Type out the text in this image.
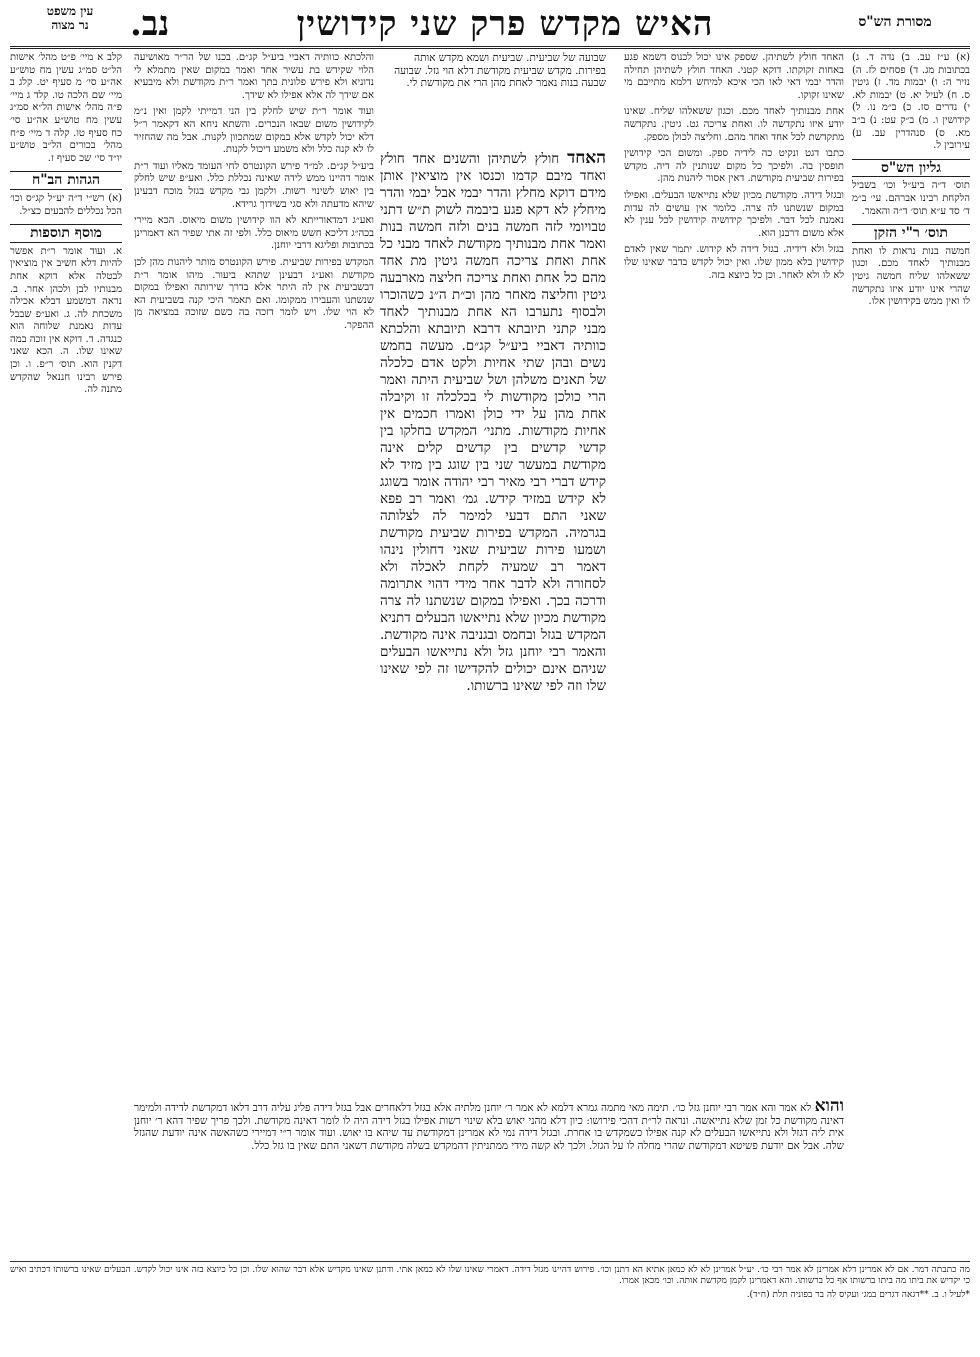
עין משפט
נר מצוה	נב.	האיש מקדש פרק שני קידושין	מסורת הש"ס
קלב א מיי׳ פ״ט מהל׳ אישות הל״ט סמ״ג עשין מח טוש״ע אה״ע סי׳ מ סעיף יט. קלג ב מיי׳ שם הלכה טו. קלד ג מיי׳ פ״ה מהל׳ אישות הל״א סמ״ג עשין מח טוש״ע אה״ע סי׳ כח סעיף טו. קלה ד מיי׳ פ״ח מהל׳ בכורים הל״ב טוש״ע יו״ד סי׳ שכ סעיף ז.
הגהות הב"ח
(א) רש״י ד״ה יע״ל קג״ס וכו׳ הכל נכללים להבעים כצ״ל.
מוסף תוספות
א. ועוד אומר ר״ת אפשר להיות דלא חשיב אין מוציאין לבטלה אלא דוקא אחת מבנותיו לבן ולכהן אחר. ב. נראה דמשמע דבלא אכילה משכחת לה. ג. ואע״פ שבבל עדות נאמנת שלוחה הוא כנגדה. ד. דוקא אין זוכה במה שאינו שלו. ה. הכא שאני דקנין הוא. תוס׳ ר״פ. ו. וכן פירש רבינו חננאל שהקדש מתנה לה.
(א) ע״ז עב. ב) נדה ד. ג) בכתובות מג. ד) פסחים לז. ה) נזיר ה: ו) יבמות מד. ז) גיטין ס. ח) לעיל יא. ט) יבמות לא. י) נדרים סז. כ) ב״מ נו. ל) קידושין ו. מ) ב״ק עט: נ) ב״ב מא. ס) סנהדרין עב. ע) עירובין ל.
גליון הש"ס
תוס׳ ד״ה ביע״ל וכו׳ בשביל הלקחת רבינו אברהם. עי׳ ב״מ ד׳ סד ע״א תוס׳ ד״ה והאמר.
תוס׳ ר"י הזקן
חמשה בנות נראות לו ואחת מבנותיך לאחד מכם. וכגון ששאלהו שליח חמשה גיטין שהרי אינו יודע איזו נתקדשה לו ואין ממש בקידושין אלו.

האחד חולץ לשתיהן. שספק אינו יכול לכנוס דשמא פגע באחות זקוקתו. דוקא קטני. האחד חולץ לשתיהן תחילה והדר יבמי דאי לאו הכי איכא למיחש דלמא מתייבם מי שאינו זקוקו.

אחת מבנותיך לאחד מכם. וכגון ששאלהו שליח. שאינו יודע איזו נתקדשה לו. ואחת צריכה גט. גיטין. נתקדשה מתקדשת לכל אחד ואחד מהם. וחליצה לכולן מספק.

כתבו דגט ונקיט כה לידיה ספק. ומשום הכי קידושין תופסין בה. ולפיכך כל מקום שנותנין לה דיה. מקדש בפירות שביעית מקודשת. דאין אסור ליהנות מהן.

ובגזל דידה. מקודשת מכיון שלא נתייאשו הבעלים. ואפילו במקום שנשתנו לה צרה. כלומר אין עושים לה עדות נאמנת לכל דבר. ולפיכך קידושיה קידושין לכל ענין לא אלא משום דרבנן הוא.

בגזל ולא דידיה. בגזל דידה לא קידוש. יתמר שאין לאדם קידושין בלא ממון שלו. ואין יכול לקדש בדבר שאינו שלו לא לו ולא לאחר. וכן כל כיוצא בזה.

והלכתא כוותיה דאביי ביע״ל קג״ם. בכנו של הר״ר מאושיעה הלוי שקידש בת עשיר אחד ואמר במקום שאין מתמלא לי נדוניא ולא פירש פלונית בתך ואמר ר״ת מקודשת ולא מיבעיא אם שידך לה אלא אפילו לא שידך.

ועוד אומר ר״ת שיש לחלק בין הני דמייתי לקמן ואין נ״מ לקידושין משום שבאו הנכרים. והשתא ניחא הא דקאמר ר״ל דלא יכול לקדש אלא במקום שמתכוון לקנות. אבל מה שהחזיר לו לא קנה כלל ולא משמע דיכול לקנות.

ביע״ל קג״ם. למ״ד פירש הקונטרס לחי העומד מאליו ועוד ר״ת אומר דהיינו ממש לידה שאינה נכללת כלל. ואע״פ שיש לחלק בין יאוש לשינוי רשות. ולקמן גבי מקדש בגזל מוכח דבעינן שיהא מדעתה ולא סגי בשידוך גרידא.

ואע״ג דמדאורייתא לא הוו קידושין משום מיאוס. הכא מיירי בכה״ג דליכא חשש מיאוס כלל. ולפי זה אתי שפיר הא דאמרינן בכתובות ופליגא דרבי יוחנן.

המקדש בפירות שביעית. פירש הקונטרס מותר ליהנות מהן לכן מקודשת ואע״ג דבעינן שתהא ביעור. מיהו אומר ר״ת דבשביעית אין לה היתר אלא בדרך שירותה ואפילו במקום שנשתנו והעבירו ממקומו. ואם תאמר היכי קנה בשביעית הא לא הוי שלו. ויש לומר דזכה בה כשם שזוכה במציאה מן ההפקר.

שבועה של שביעית. שביעית ושמא מקדש אותה בפירות. מקדש שביעית מקודשת דלא הוי גזל. שבועה שבעה בנות נאמר לאחת מהן הרי את מקודשת לי.
האחד חולץ לשתיהן והשנים אחד חולץ ואחד מיבם קדמו וכנסו אין מוציאין אותן מידם דוקא מחלץ והדר יבמי אבל יבמי והדר מיחלץ לא דקא פגע ביבמה לשוק ת״ש דתני טבויומי לזה חמשה בנים ולזה חמשה בנות ואמר אחת מבנותיך מקודשת לאחד מבני כל אחת ואחת צריכה חמשה גיטין מת אחד מהם כל אחת ואחת צריכה חליצה מארבעה גיטין וחליצה מאחר מהן וכ״ת ה״נ כשהוכרו ולבסוף נתערבו הא אחת מבנותיך לאחד מבני קתני תיובתא דרבא תיובתא והלכתא כוותיה דאביי ביע״ל קג״ם. מעשה בחמש נשים ובהן שתי אחיות ולקט אדם כלכלה של תאנים משלהן ושל שביעית היתה ואמר הרי כולכן מקודשות לי בכלכלה זו וקיבלה אחת מהן על ידי כולן ואמרו חכמים אין אחיות מקודשות. מתני׳ המקדש בחלקו בין קדשי קדשים בין קדשים קלים אינה מקודשת במעשר שני בין שוגג בין מזיד לא קידש דברי רבי מאיר רבי יהודה אומר בשוגג לא קידש במזיד קידש. גמ׳ ואמר רב פפא שאני התם דבעי למימר לה לצלותה בגרמיה. המקדש בפירות שביעית מקודשת ושמעו פירות שביעית שאני דחולין נינהו דאמר רב שמעיה לקחת לאכלה ולא לסחורה ולא לדבר אחר מידי דהוי אתרומה ודרכה בכך. ואפילו במקום שנשתנו לה צרה מקודשת מכיון שלא נתייאשו הבעלים דתניא המקדש בגזל ובחמס ובגניבה אינה מקודשת. והאמר רבי יוחנן גזל ולא נתייאשו הבעלים שניהם אינם יכולים להקדישו זה לפי שאינו שלו וזה לפי שאינו ברשותו.
והוא לא אמר והא אמר רבי יוחנן גזל כו׳. תימה מאי מתמה גמרא דלמא לא אמר ר׳ יוחנן מלתיה אלא בגזל דלאחרים אבל בגזל דידה פליג עליה דרב דלאו דמקדשת לדידה ולמימר דאינה מקודשת כל זמן שלא נתייאשה. ונראה לר״ת דהכי פירושו: כיון דלא מהני יאוש בלא שינוי רשות אפילו בגזל דידה היה לו לומר דאינה מקודשת. ולכך פריך שפיר דהא ר׳ יוחנן אית ליה דגזל ולא נתייאשו הבעלים לא קנה אפילו כשמקדש בו אחרת. ובגזל דידה נמי לא אמרינן דמקודשת עד שיהא בו יאוש. ועוד אומר ר״י דמיירי כשהאשה אינה יודעת שהגזל שלה. אבל אם יודעת פשיטא דמקודשת שהרי מחלה לו על הגזל. ולכך לא קשה מידי ממתניתין דהמקדש בשלה מקודשת דשאני התם שאין בו גזל כלל.
מה כתבתה דמר. אם לא אמרינן דלא אמרינן לא אמר רבי כו׳. יע״ל אמרינן לא לא כמאן אתיא הא דתנן וכו׳. פירוש דהיינו מגזל דידה. דאמרי שאינו שלו לא כמאן אתי. ודתנן שאינו מקדיש אלא דבר שהוא שלו. וכן כל כיוצא בזה אינו יכול לקדש. הבעלים שאינו ברשותו דכתיב ואיש כי יקדיש את ביתו מה ביתו ברשותו אף כל ברשותו. והא דאמרינן לקמן מקדשת אותה. וכו׳ מכאן אמרו.
*לעיל ו. ב. **דגאה דגרים במג׳ ועקיס לה בר בפוניה תלת (ח״ד).
